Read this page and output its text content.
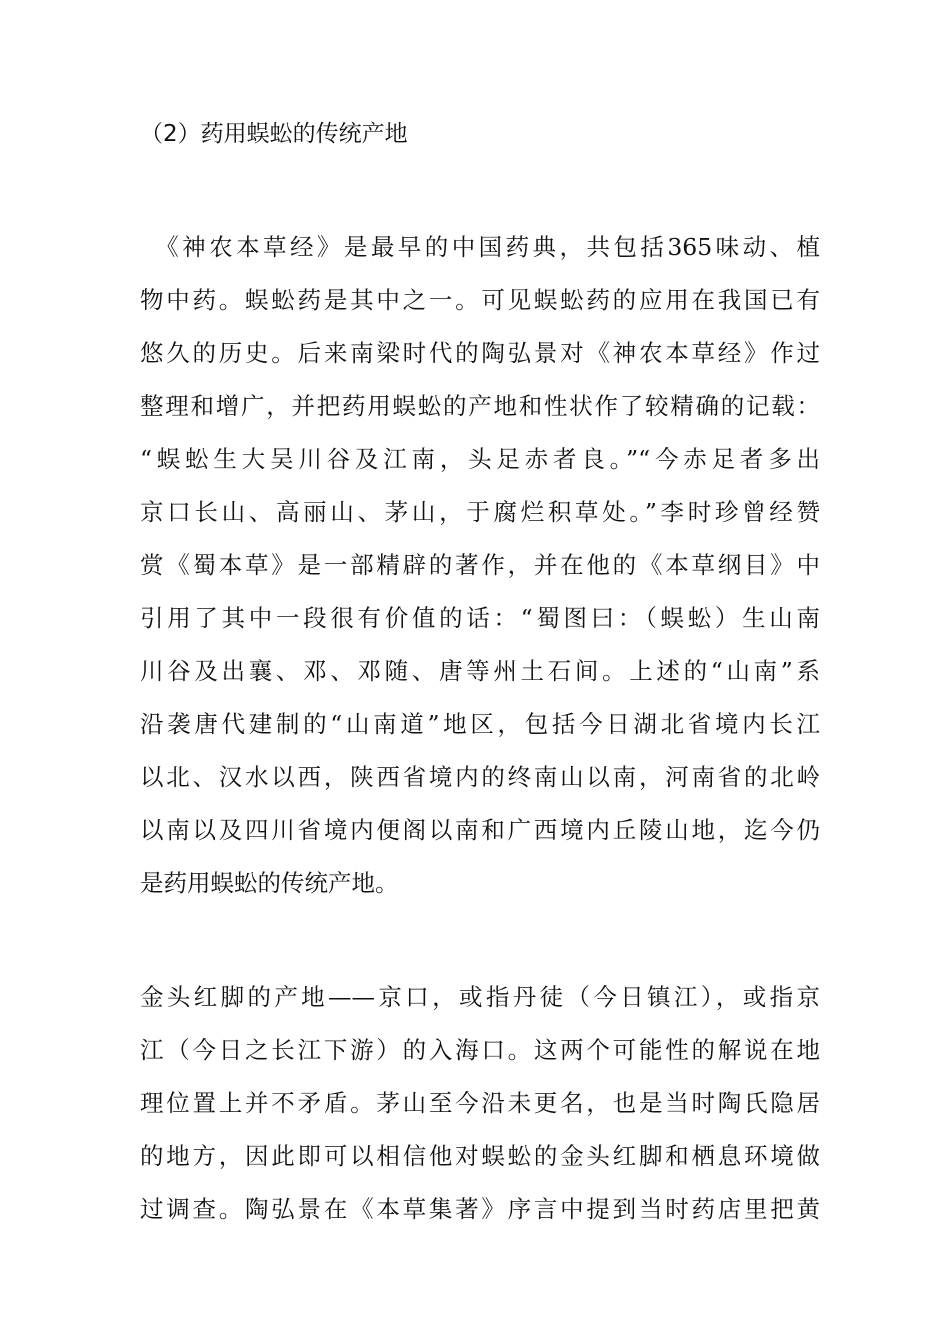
（2）药用蜈蚣的传统产地
　《神农本草经》是最早的中国药典，共包括365味动、植
物中药。蜈蚣药是其中之一。可见蜈蚣药的应用在我国已有
悠久的历史。后来南梁时代的陶弘景对《神农本草经》作过
整理和增广，并把药用蜈蚣的产地和性状作了较精确的记载：
“蜈蚣生大吴川谷及江南，头足赤者良。”“今赤足者多出
京口长山、高丽山、茅山，于腐烂积草处。”李时珍曾经赞
赏《蜀本草》是一部精辟的著作，并在他的《本草纲目》中
引用了其中一段很有价值的话：“蜀图曰：（蜈蚣）生山南
川谷及出襄、邓、邓随、唐等州土石间。上述的“山南”系
沿袭唐代建制的“山南道”地区，包括今日湖北省境内长江
以北、汉水以西，陕西省境内的终南山以南，河南省的北岭
以南以及四川省境内便阁以南和广西境内丘陵山地，迄今仍
是药用蜈蚣的传统产地。
金头红脚的产地——京口，或指丹徒（今日镇江），或指京
江（今日之长江下游）的入海口。这两个可能性的解说在地
理位置上并不矛盾。茅山至今沿未更名，也是当时陶氏隐居
的地方，因此即可以相信他对蜈蚣的金头红脚和栖息环境做
过调查。陶弘景在《本草集著》序言中提到当时药店里把黄
